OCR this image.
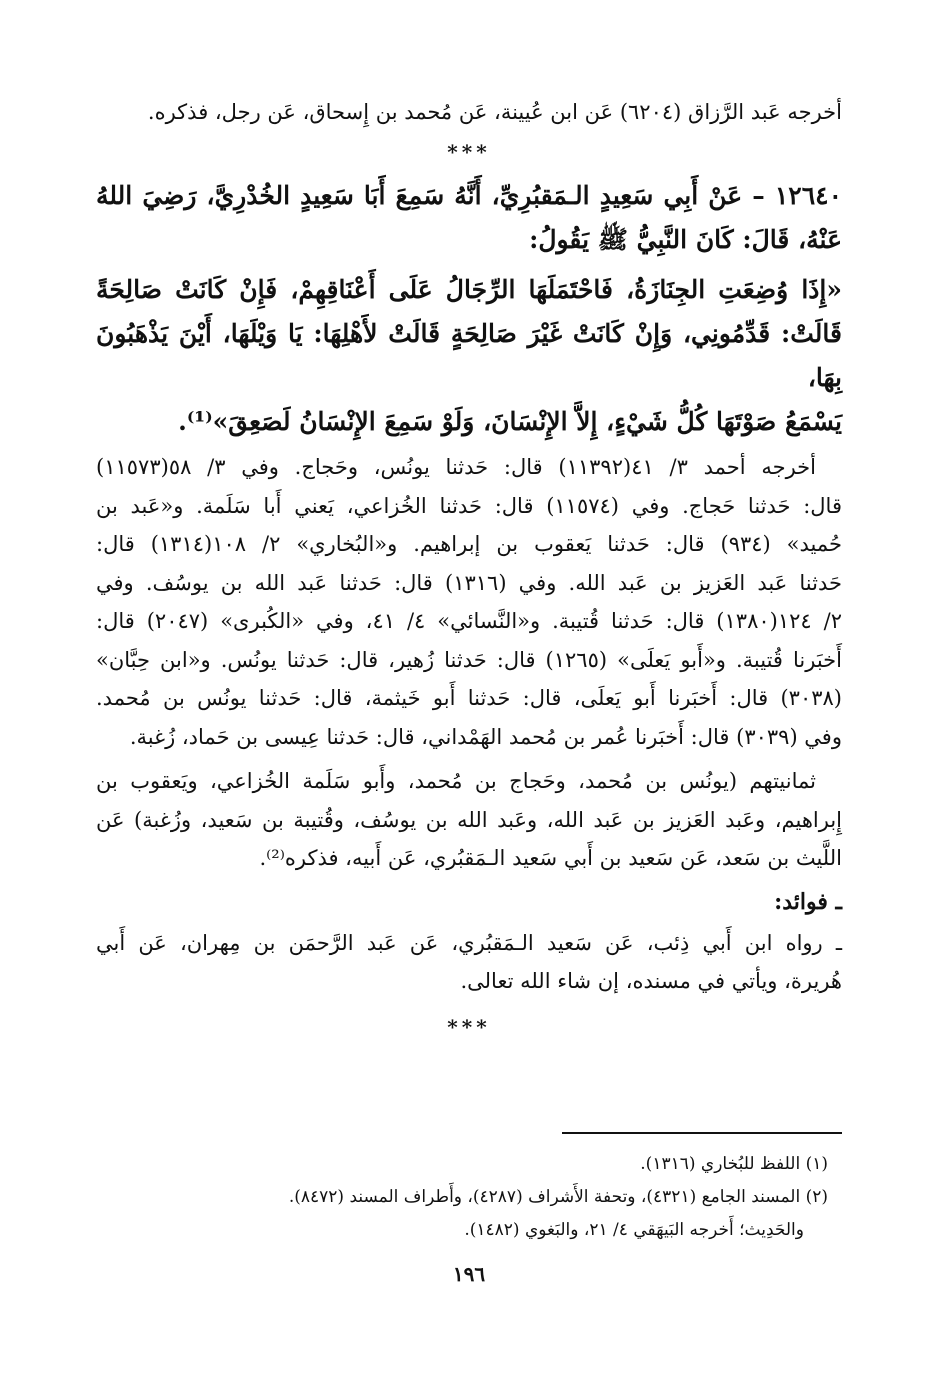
أخرجه عَبد الرَّزاق (٦٢٠٤) عَن ابن عُيينة، عَن مُحمد بن إِسحاق، عَن رجل، فذكره.
***
١٢٦٤٠ – عَنْ أَبِي سَعِيدٍ الـمَقبُرِيِّ، أَنَّهُ سَمِعَ أَبَا سَعِيدٍ الخُدْرِيَّ، رَضِيَ اللهُ
عَنْهُ، قَالَ: كَانَ النَّبِيُّ ﷺ يَقُولُ:
«إِذَا وُضِعَتِ الجِنَازَةُ، فَاحْتَمَلَهَا الرِّجَالُ عَلَى أَعْنَاقِهِمْ، فَإِنْ كَانَتْ صَالِحَةً
قَالَتْ: قَدِّمُونِي، وَإِنْ كَانَتْ غَيْرَ صَالِحَةٍ قَالَتْ لأَهْلِهَا: يَا وَيْلَهَا، أَيْنَ يَذْهَبُونَ بِهَا،
يَسْمَعُ صَوْتَهَا كُلُّ شَيْءٍ، إِلاَّ الإِنْسَانَ، وَلَوْ سَمِعَ الإِنْسَانُ لَصَعِقَ»⁽¹⁾.
أخرجه أحمد ٣/ ٤١(١١٣٩٢) قال: حَدثنا يونُس، وحَجاج. وفي ٣/ ٥٨(١١٥٧٣)
قال: حَدثنا حَجاج. وفي (١١٥٧٤) قال: حَدثنا الخُزاعي، يَعني أَبا سَلَمة. و«عَبد بن
حُميد» (٩٣٤) قال: حَدثنا يَعقوب بن إبراهيم. و«البُخاري» ٢/ ١٠٨(١٣١٤) قال:
حَدثنا عَبد العَزيز بن عَبد الله. وفي (١٣١٦) قال: حَدثنا عَبد الله بن يوسُف. وفي
٢/ ١٢٤(١٣٨٠) قال: حَدثنا قُتيبة. و«النَّسائي» ٤/ ٤١، وفي «الكُبرى» (٢٠٤٧) قال:
أَخبَرنا قُتيبة. و«أَبو يَعلَى» (١٢٦٥) قال: حَدثنا زُهير، قال: حَدثنا يونُس. و«ابن حِبَّان»
(٣٠٣٨) قال: أَخبَرنا أَبو يَعلَى، قال: حَدثنا أَبو خَيثمة، قال: حَدثنا يونُس بن مُحمد.
وفي (٣٠٣٩) قال: أَخبَرنا عُمر بن مُحمد الهَمْداني، قال: حَدثنا عِيسى بن حَماد، زُغبة.
ثمانيتهم (يونُس بن مُحمد، وحَجاج بن مُحمد، وأَبو سَلَمة الخُزاعي، ويَعقوب بن
إِبراهيم، وعَبد العَزيز بن عَبد الله، وعَبد الله بن يوسُف، وقُتيبة بن سَعيد، وزُغبة) عَن
اللَّيث بن سَعد، عَن سَعيد بن أَبي سَعيد الـمَقبُري، عَن أَبيه، فذكره⁽²⁾.
ـ فوائد:
ـ رواه ابن أَبي ذِئب، عَن سَعيد الـمَقبُري، عَن عَبد الرَّحمَن بن مِهران، عَن أَبي
هُريرة، ويأتي في مسنده، إن شاء الله تعالى.
***
(١) اللفظ للبُخاري (١٣١٦).
(٢) المسند الجامع (٤٣٢١)، وتحفة الأَشراف (٤٢٨٧)، وأَطراف المسند (٨٤٧٢).
والحَدِيث؛ أَخرجه البَيهَقي ٤/ ٢١، والبَغوي (١٤٨٢).
١٩٦
